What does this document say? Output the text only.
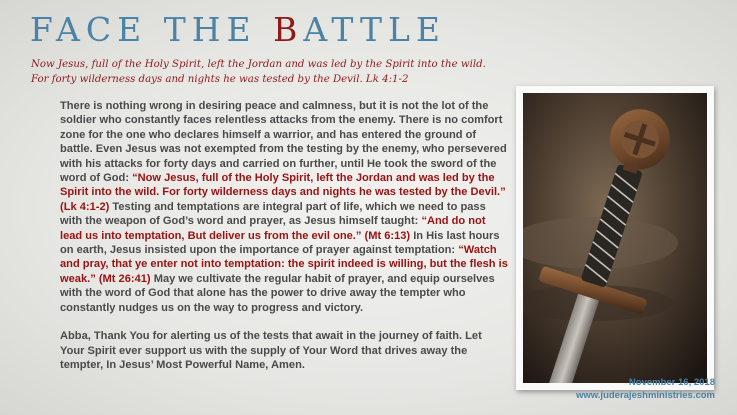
FACE THE BATTLE
Now Jesus, full of the Holy Spirit, left the Jordan and was led by the Spirit into the wild. For forty wilderness days and nights he was tested by the Devil. Lk 4:1-2

There is nothing wrong in desiring peace and calmness, but it is not the lot of the soldier who constantly faces relentless attacks from the enemy. There is no comfort zone for the one who declares himself a warrior, and has entered the ground of battle. Even Jesus was not exempted from the testing by the enemy, who persevered with his attacks for forty days and carried on further, until He took the sword of the word of God: “Now Jesus, full of the Holy Spirit, left the Jordan and was led by the Spirit into the wild. For forty wilderness days and nights he was tested by the Devil.” (Lk 4:1-2) Testing and temptations are integral part of life, which we need to pass with the weapon of God’s word and prayer, as Jesus himself taught: “And do not lead us into temptation, But deliver us from the evil one.” (Mt 6:13) In His last hours on earth, Jesus insisted upon the importance of prayer against temptation: “Watch and pray, that ye enter not into temptation: the spirit indeed is willing, but the flesh is weak.” (Mt 26:41) May we cultivate the regular habit of prayer, and equip ourselves with the word of God that alone has the power to drive away the tempter who constantly nudges us on the way to progress and victory.

Abba, Thank You for alerting us of the tests that await in the journey of faith. Let Your Spirit ever support us with the supply of Your Word that drives away the tempter, In Jesus’ Most Powerful Name, Amen.

November 16, 2018
www.juderajeshministries.com
